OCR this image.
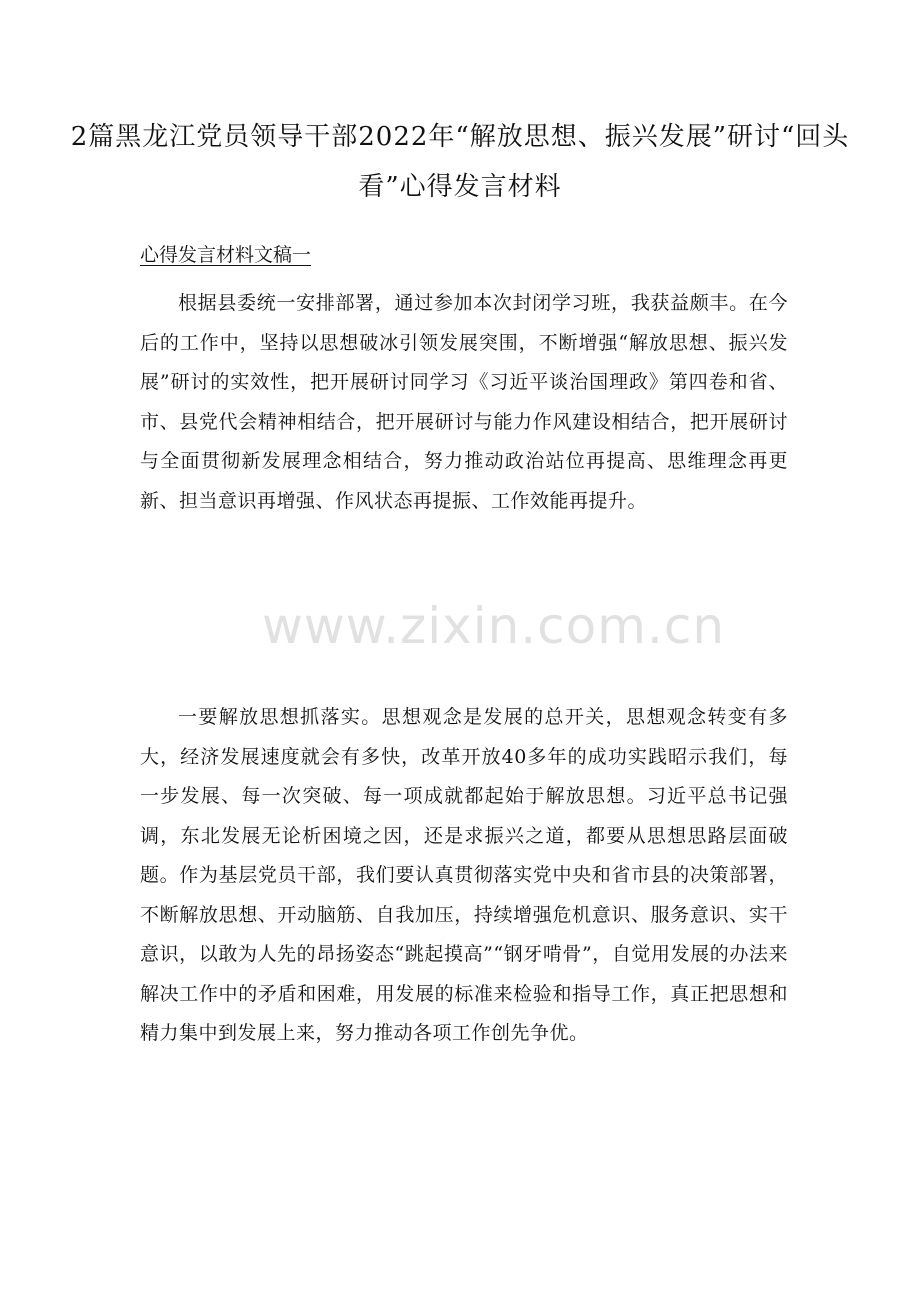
2篇黑龙江党员领导干部2022年“解放思想、振兴发展”研讨“回头看”心得发言材料
心得发言材料文稿一

根据县委统一安排部署，通过参加本次封闭学习班，我获益颇丰。在今后的工作中，坚持以思想破冰引领发展突围，不断增强“解放思想、振兴发展”研讨的实效性，把开展研讨同学习《习近平谈治国理政》第四卷和省、市、县党代会精神相结合，把开展研讨与能力作风建设相结合，把开展研讨与全面贯彻新发展理念相结合，努力推动政治站位再提高、思维理念再更新、担当意识再增强、作风状态再提振、工作效能再提升。

www.zixin.com.cn

一要解放思想抓落实。思想观念是发展的总开关，思想观念转变有多大，经济发展速度就会有多快，改革开放40多年的成功实践昭示我们，每一步发展、每一次突破、每一项成就都起始于解放思想。习近平总书记强调，东北发展无论析困境之因，还是求振兴之道，都要从思想思路层面破题。作为基层党员干部，我们要认真贯彻落实党中央和省市县的决策部署，不断解放思想、开动脑筋、自我加压，持续增强危机意识、服务意识、实干意识，以敢为人先的昂扬姿态“跳起摸高”“钢牙啃骨”，自觉用发展的办法来解决工作中的矛盾和困难，用发展的标准来检验和指导工作，真正把思想和精力集中到发展上来，努力推动各项工作创先争优。
